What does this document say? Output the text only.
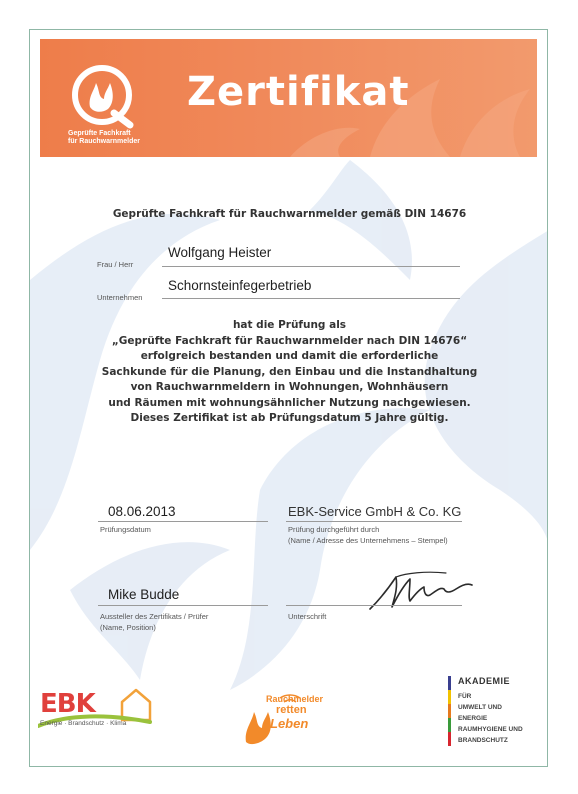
Geprüfte Fachkraft
für Rauchwarnmelder
Zertifikat
Geprüfte Fachkraft für Rauchwarnmelder gemäß DIN 14676
Wolfgang Heister
Frau / Herr
Schornsteinfegerbetrieb
Unternehmen
hat die Prüfung als
„Geprüfte Fachkraft für Rauchwarnmelder nach DIN 14676“
erfolgreich bestanden und damit die erforderliche
Sachkunde für die Planung, den Einbau und die Instandhaltung
von Rauchwarnmeldern in Wohnungen, Wohnhäusern
und Räumen mit wohnungsähnlicher Nutzung nachgewiesen.
Dieses Zertifikat ist ab Prüfungsdatum 5 Jahre gültig.
08.06.2013
Prüfungsdatum
EBK-Service GmbH & Co. KG
Prüfung durchgeführt durch
(Name / Adresse des Unternehmens – Stempel)
Mike Budde
Aussteller des Zertifikats / Prüfer
(Name, Position)
Unterschrift
EBK
Energie · Brandschutz · Klima
Rauchmelder
retten
Leben
AKADEMIE
FÜR
UMWELT UND
ENERGIE
RAUMHYGIENE UND
BRANDSCHUTZ
